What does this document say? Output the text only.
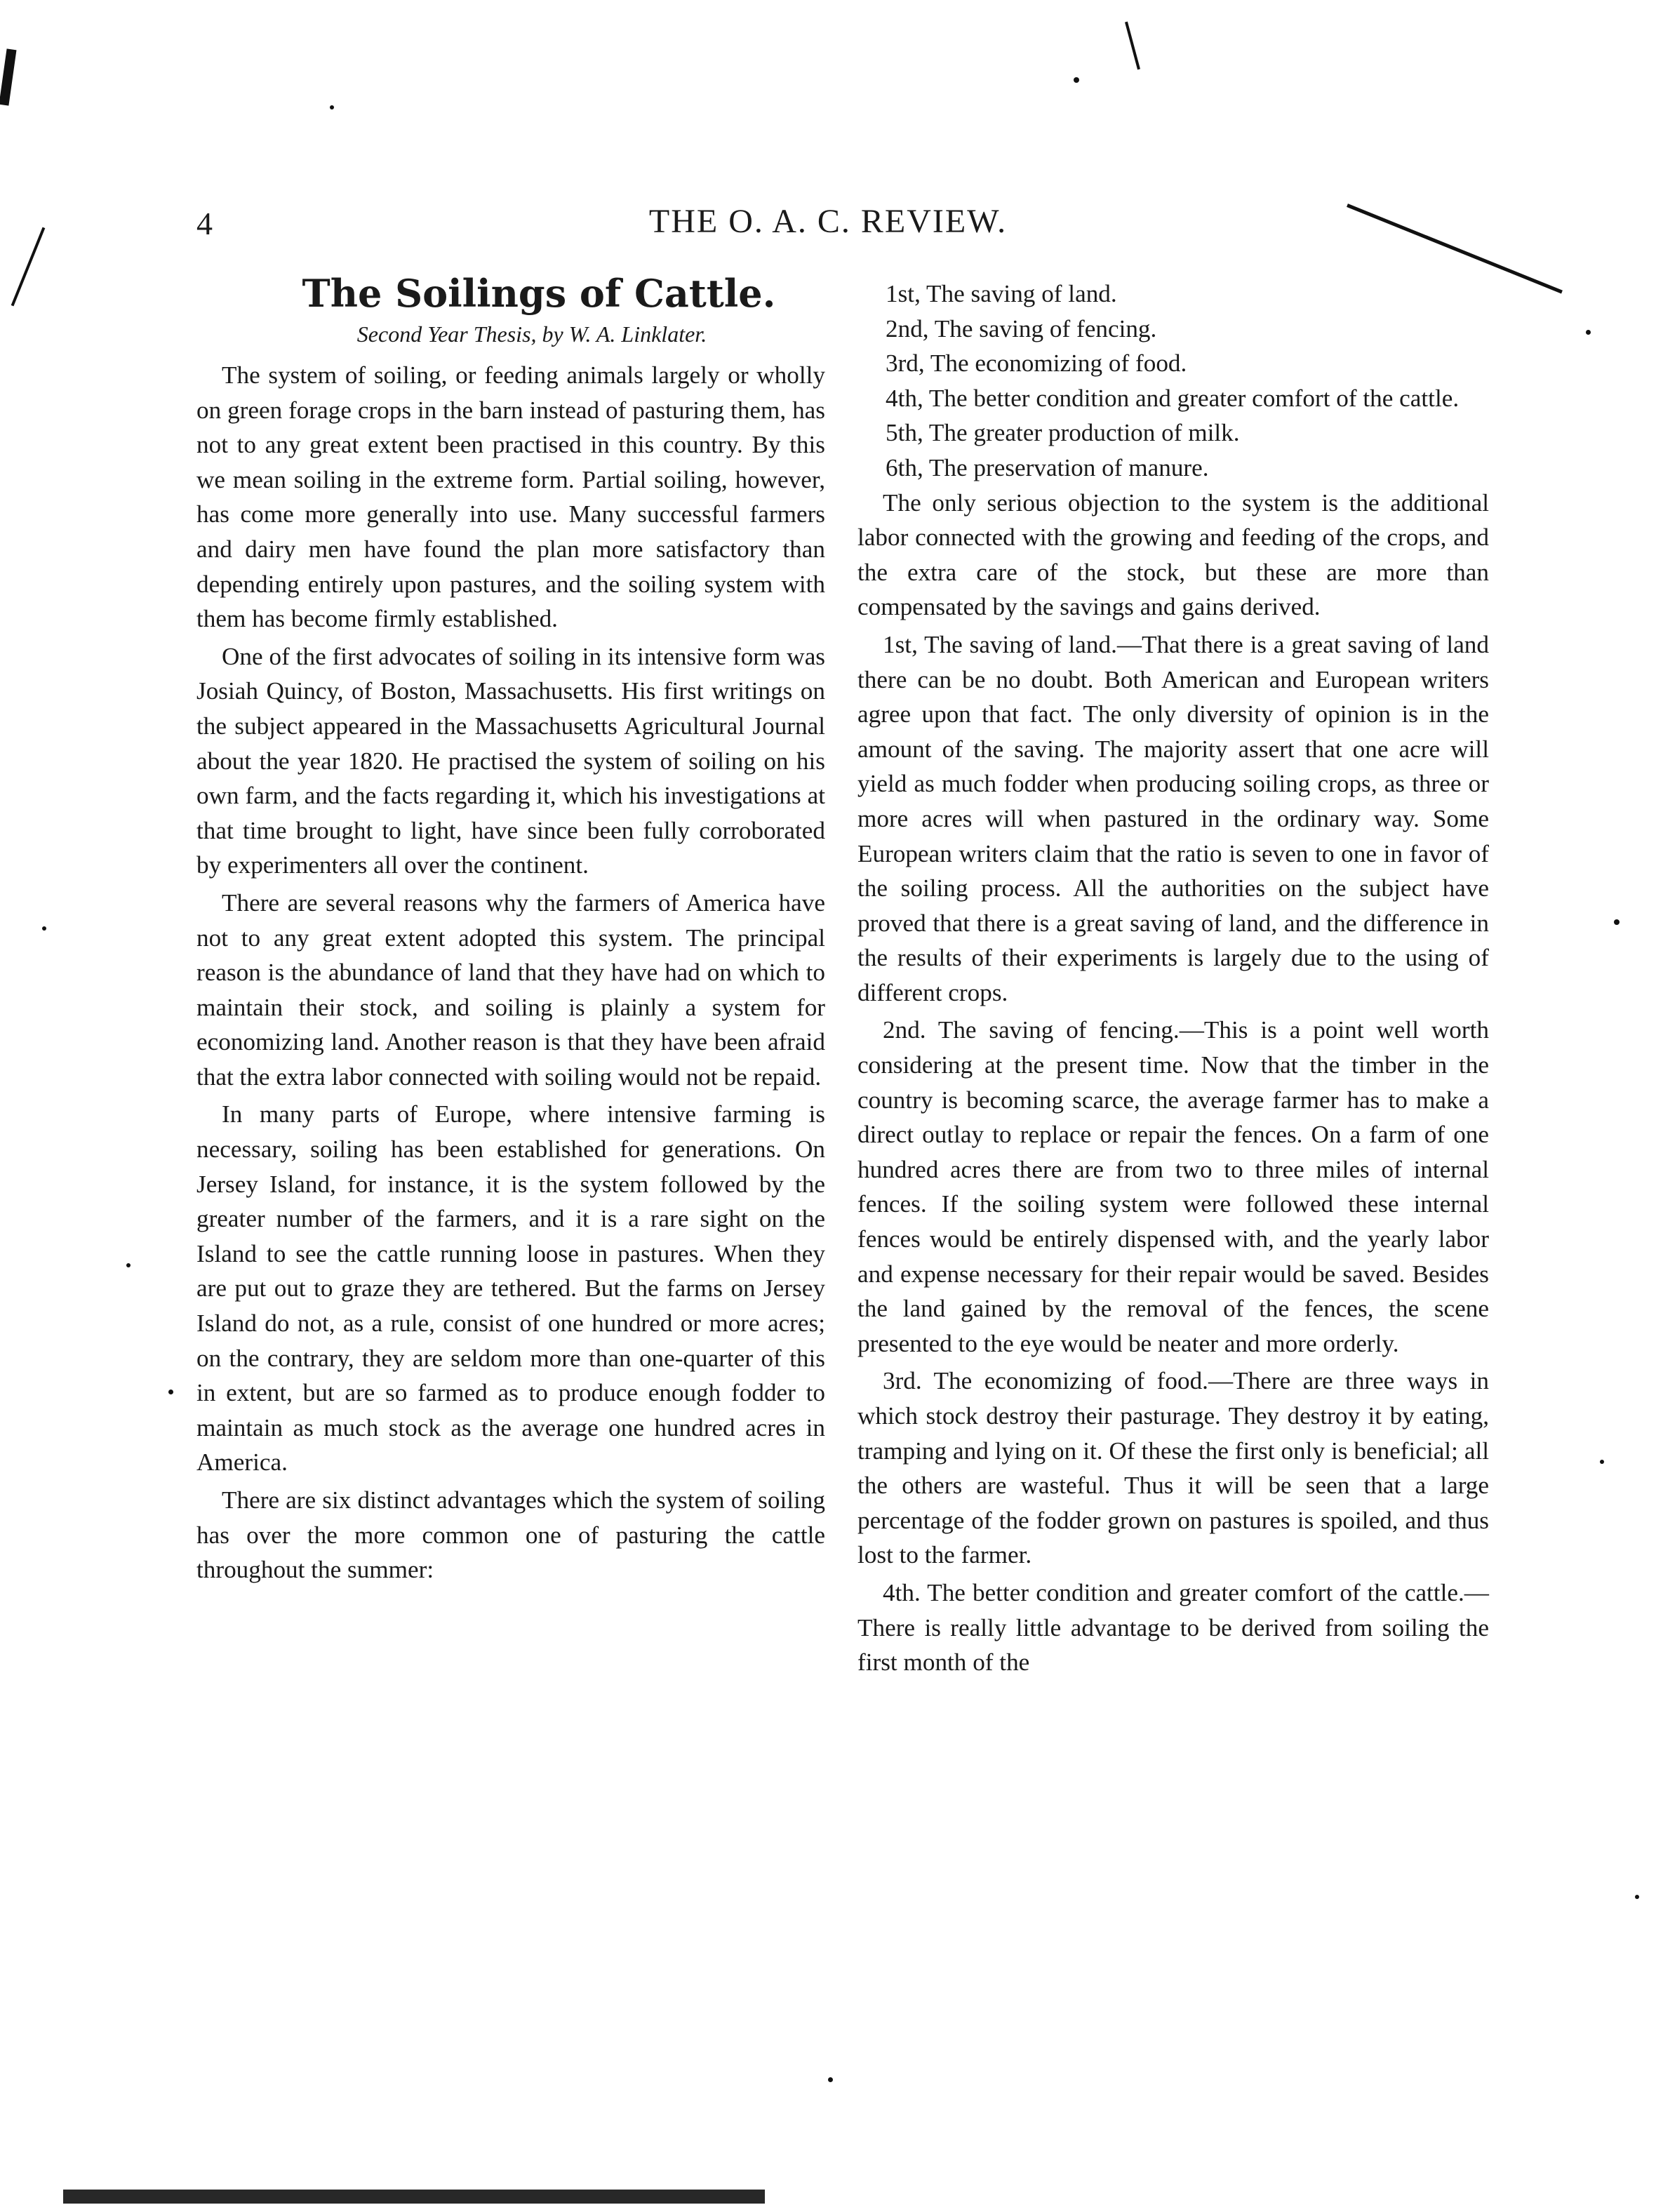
4	THE O. A. C. REVIEW.
The Soilings of Cattle.
Second Year Thesis, by W. A. Linklater.

The system of soiling, or feeding animals largely or wholly on green forage crops in the barn instead of pasturing them, has not to any great extent been practised in this country. By this we mean soiling in the extreme form. Partial soiling, however, has come more generally into use. Many successful farmers and dairy men have found the plan more satisfactory than depending entirely upon pastures, and the soiling system with them has become firmly established.

One of the first advocates of soiling in its intensive form was Josiah Quincy, of Boston, Massachusetts. His first writings on the subject appeared in the Massachusetts Agricultural Journal about the year 1820. He practised the system of soiling on his own farm, and the facts regarding it, which his investigations at that time brought to light, have since been fully corroborated by experimenters all over the continent.

There are several reasons why the farmers of America have not to any great extent adopted this system. The principal reason is the abundance of land that they have had on which to maintain their stock, and soiling is plainly a system for economizing land. Another reason is that they have been afraid that the extra labor connected with soiling would not be repaid.

In many parts of Europe, where intensive farming is necessary, soiling has been established for generations. On Jersey Island, for instance, it is the system followed by the greater number of the farmers, and it is a rare sight on the Island to see the cattle running loose in pastures. When they are put out to graze they are tethered. But the farms on Jersey Island do not, as a rule, consist of one hundred or more acres; on the contrary, they are seldom more than one-quarter of this in extent, but are so farmed as to produce enough fodder to maintain as much stock as the average one hundred acres in America.

There are six distinct advantages which the system of soiling has over the more common one of pasturing the cattle throughout the summer:

1st, The saving of land.

2nd, The saving of fencing.

3rd, The economizing of food.

4th, The better condition and greater comfort of the cattle.

5th, The greater production of milk.

6th, The preservation of manure.

The only serious objection to the system is the additional labor connected with the growing and feeding of the crops, and the extra care of the stock, but these are more than compensated by the savings and gains derived.

1st, The saving of land.—That there is a great saving of land there can be no doubt. Both American and European writers agree upon that fact. The only diversity of opinion is in the amount of the saving. The majority assert that one acre will yield as much fodder when producing soiling crops, as three or more acres will when pastured in the ordinary way. Some European writers claim that the ratio is seven to one in favor of the soiling process. All the authorities on the subject have proved that there is a great saving of land, and the difference in the results of their experiments is largely due to the using of different crops.

2nd. The saving of fencing.—This is a point well worth considering at the present time. Now that the timber in the country is becoming scarce, the average farmer has to make a direct outlay to replace or repair the fences. On a farm of one hundred acres there are from two to three miles of internal fences. If the soiling system were followed these internal fences would be entirely dispensed with, and the yearly labor and expense necessary for their repair would be saved. Besides the land gained by the removal of the fences, the scene presented to the eye would be neater and more orderly.

3rd. The economizing of food.—There are three ways in which stock destroy their pasturage. They destroy it by eating, tramping and lying on it. Of these the first only is beneficial; all the others are wasteful. Thus it will be seen that a large percentage of the fodder grown on pastures is spoiled, and thus lost to the farmer.

4th. The better condition and greater comfort of the cattle.—There is really little advantage to be derived from soiling the first month of the
